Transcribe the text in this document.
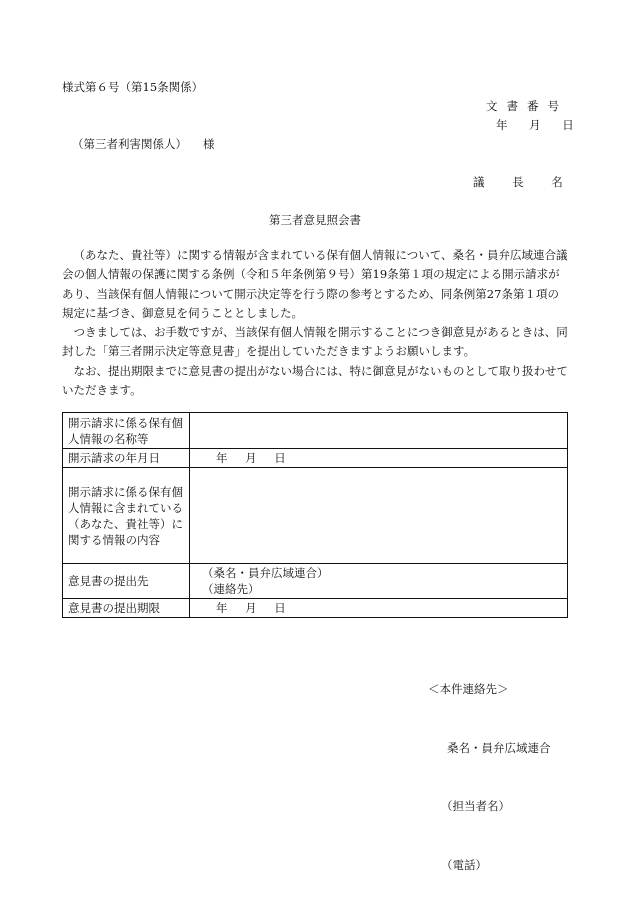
様式第６号（第15条関係）
文書番号
年 月 日
（第三者利害関係人） 様
議 長 名
第三者意見照会書

（あなた、貴社等）に関する情報が含まれている保有個人情報について、桑名・員弁広域連合議会の個人情報の保護に関する条例（令和５年条例第９号）第19条第１項の規定による開示請求があり、当該保有個人情報について開示決定等を行う際の参考とするため、同条例第27条第１項の規定に基づき、御意見を伺うこととしました。

つきましては、お手数ですが、当該保有個人情報を開示することにつき御意見があるときは、同封した「第三者開示決定等意見書」を提出していただきますようお願いします。

なお、提出期限までに意見書の提出がない場合には、特に御意見がないものとして取り扱わせていただきます。

開示請求に係る保有個人情報の名称等	
開示請求の年月日	年 月 日
開示請求に係る保有個人情報に含まれている（あなた、貴社等）に関する情報の内容	
意見書の提出先	（桑名・員弁広域連合）
（連絡先）

意見書の提出期限	年 月 日

＜本件連絡先＞

桑名・員弁広域連合

（担当者名）

（電話）
